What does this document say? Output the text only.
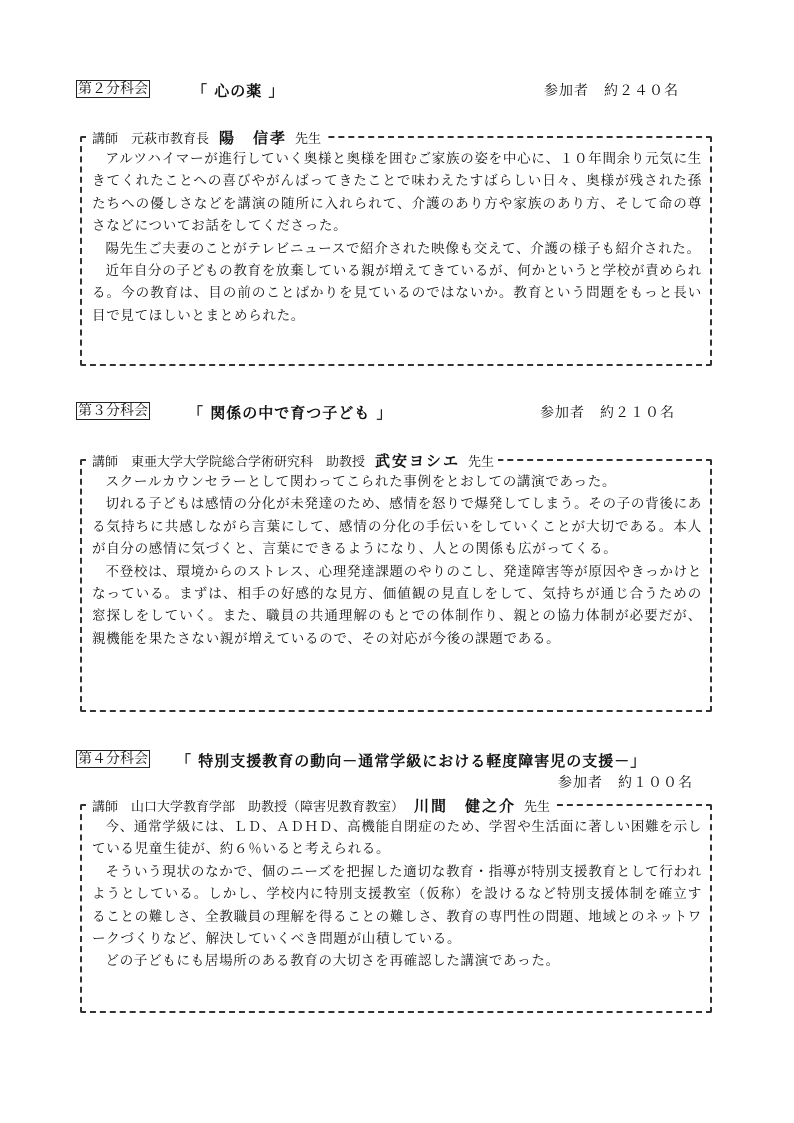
第２分科会	「 心の薬 」	参加者　約２４０名
講師　元萩市教育長 陽　信孝 先生

アルツハイマーが進行していく奥様と奥様を囲むご家族の姿を中心に、１０年間余り元気に生きてくれたことへの喜びやがんばってきたことで味わえたすばらしい日々、奥様が残された孫たちへの優しさなどを講演の随所に入れられて、介護のあり方や家族のあり方、そして命の尊さなどについてお話をしてくださった。

陽先生ご夫妻のことがテレビニュースで紹介された映像も交えて、介護の様子も紹介された。

近年自分の子どもの教育を放棄している親が増えてきているが、何かというと学校が責められる。今の教育は、目の前のことばかりを見ているのではないか。教育という問題をもっと長い目で見てほしいとまとめられた。

第３分科会	「 関係の中で育つ子ども 」	参加者　約２１０名
講師　東亜大学大学院総合学術研究科　助教授 武安ヨシエ 先生

スクールカウンセラーとして関わってこられた事例をとおしての講演であった。

切れる子どもは感情の分化が未発達のため、感情を怒りで爆発してしまう。その子の背後にある気持ちに共感しながら言葉にして、感情の分化の手伝いをしていくことが大切である。本人が自分の感情に気づくと、言葉にできるようになり、人との関係も広がってくる。

不登校は、環境からのストレス、心理発達課題のやりのこし、発達障害等が原因やきっかけとなっている。まずは、相手の好感的な見方、価値観の見直しをして、気持ちが通じ合うための窓探しをしていく。また、職員の共通理解のもとでの体制作り、親との協力体制が必要だが、親機能を果たさない親が増えているので、その対応が今後の課題である。

第４分科会 「 特別支援教育の動向－通常学級における軽度障害児の支援－」
参加者　約１００名
講師　山口大学教育学部　助教授（障害児教育教室） 川間　健之介 先生

今、通常学級には、ＬＤ、ＡＤＨＤ、高機能自閉症のため、学習や生活面に著しい困難を示している児童生徒が、約６％いると考えられる。

そういう現状のなかで、個のニーズを把握した適切な教育・指導が特別支援教育として行われようとしている。しかし、学校内に特別支援教室（仮称）を設けるなど特別支援体制を確立することの難しさ、全教職員の理解を得ることの難しさ、教育の専門性の問題、地域とのネットワークづくりなど、解決していくべき問題が山積している。

どの子どもにも居場所のある教育の大切さを再確認した講演であった。
